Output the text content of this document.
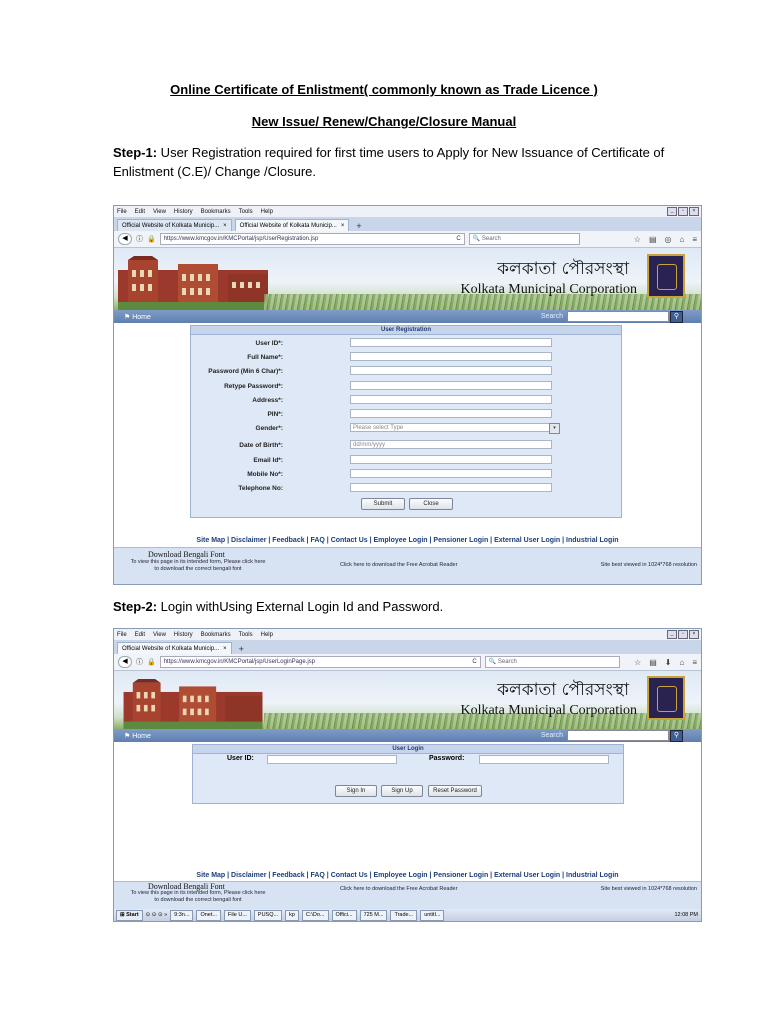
Online Certificate of Enlistment( commonly known as Trade Licence )
New Issue/ Renew/Change/Closure Manual
Step-1: User Registration required for first time users to Apply for New Issuance of Certificate of Enlistment (C.E)/ Change /Closure.
File Edit View History Bookmarks Tools Help	_	▫	×
Official Website of Kolkata Municip... × Official Website of Kolkata Municip... ×	+
◀	ⓘ 🔒	https://www.kmcgov.in/KMCPortal/jsp/UserRegistration.jsp	C	🔍 Search	☆ ▤ ◎ ⌂ ≡
কলকাতা পৌরসংস্থা
Kolkata Municipal Corporation
⚑ Home	Search	⚲
User Registration
User ID*:
Full Name*:
Password (Min 6 Char)*:
Retype Password*:
Address*:
PIN*:
Gender*:	Please select Type	▾
Date of Birth*:	dd/mm/yyyy
Email Id*:
Mobile No*:
Telephone No:
Submit	Close
Site Map | Disclaimer | Feedback | FAQ | Contact Us | Employee Login | Pensioner Login | External User Login | Industrial Login
Download Bengali Font
To view this page in its intended form, Please click here to download the correct bengali font
Click here to download the Free Acrobat Reader	Site best viewed in 1024*768 resolution
Step-2: Login withUsing External Login Id and Password.
File Edit View History Bookmarks Tools Help	_	▫	×
Official Website of Kolkata Municip... ×	+
◀	ⓘ 🔒	https://www.kmcgov.in/KMCPortal/jsp/UserLoginPage.jsp	C	🔍 Search	☆ ▤ ⬇ ⌂ ≡
কলকাতা পৌরসংস্থা
Kolkata Municipal Corporation
⚑ Home	Search	⚲
User Login
User ID:	Password:
Sign In	Sign Up	Reset Password
Site Map | Disclaimer | Feedback | FAQ | Contact Us | Employee Login | Pensioner Login | External User Login | Industrial Login
Download Bengali Font
To view this page in its intended form, Please click here to download the correct bengali font
Click here to download the Free Acrobat Reader	Site best viewed in 1024*768 resolution
⊞ Start	⊙ ⊙ ⊙ »	9:3n...	Onet...	File U...	PUSQ...	kp	C:\Do...	Offici...	725 M...	Trade...	untitl...	12:08 PM
